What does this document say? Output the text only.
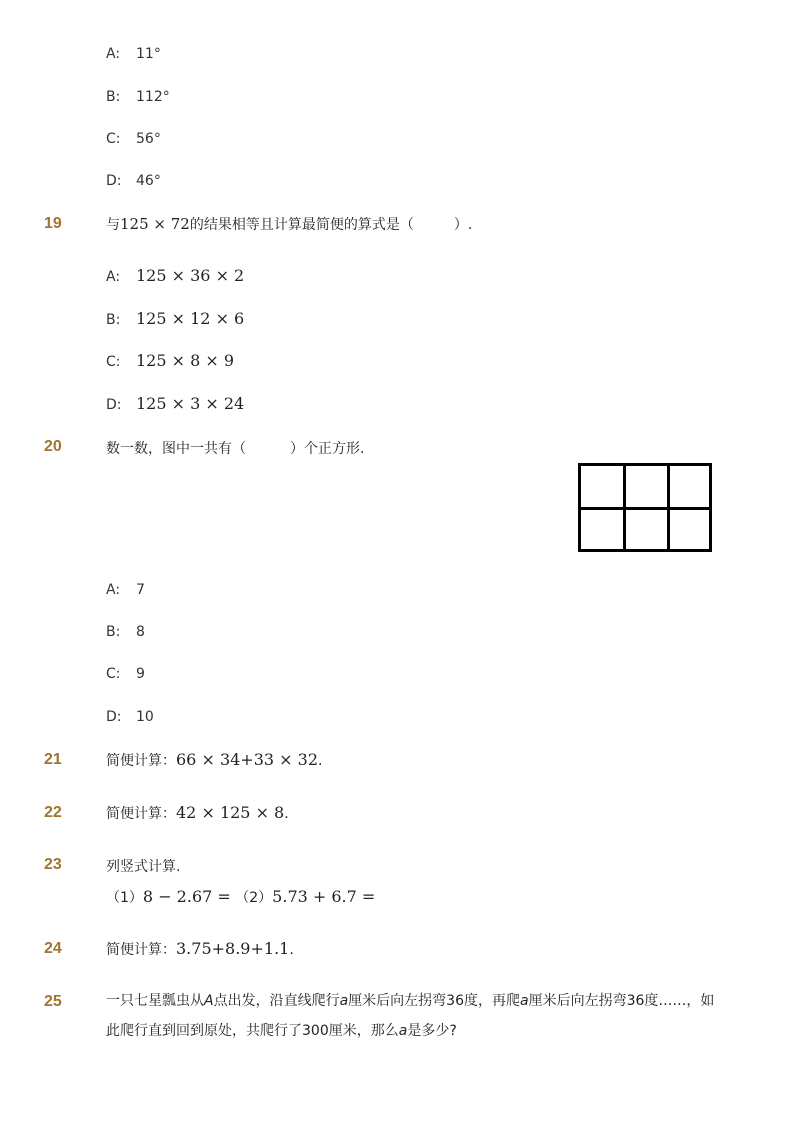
A: 11°
B: 112°
C: 56°
D: 46°
19	与125 × 72的结果相等且计算最简便的算式是（	）.
A: 125 × 36 × 2
B: 125 × 12 × 6
C: 125 × 8 × 9
D: 125 × 3 × 24
20	数一数，图中一共有（	）个正方形.
A: 7
B: 8
C: 9
D: 10
21	简便计算：66 × 34+33 × 32.
22	简便计算：42 × 125 × 8.
23	列竖式计算.
（1）8 − 2.67 = （2）5.73 + 6.7 =
24	简便计算：3.75+8.9+1.1.
25	一只七星瓢虫从A点出发，沿直线爬行a厘米后向左拐弯36度，再爬a厘米后向左拐弯36度……，如
此爬行直到回到原处，共爬行了300厘米，那么a是多少?
